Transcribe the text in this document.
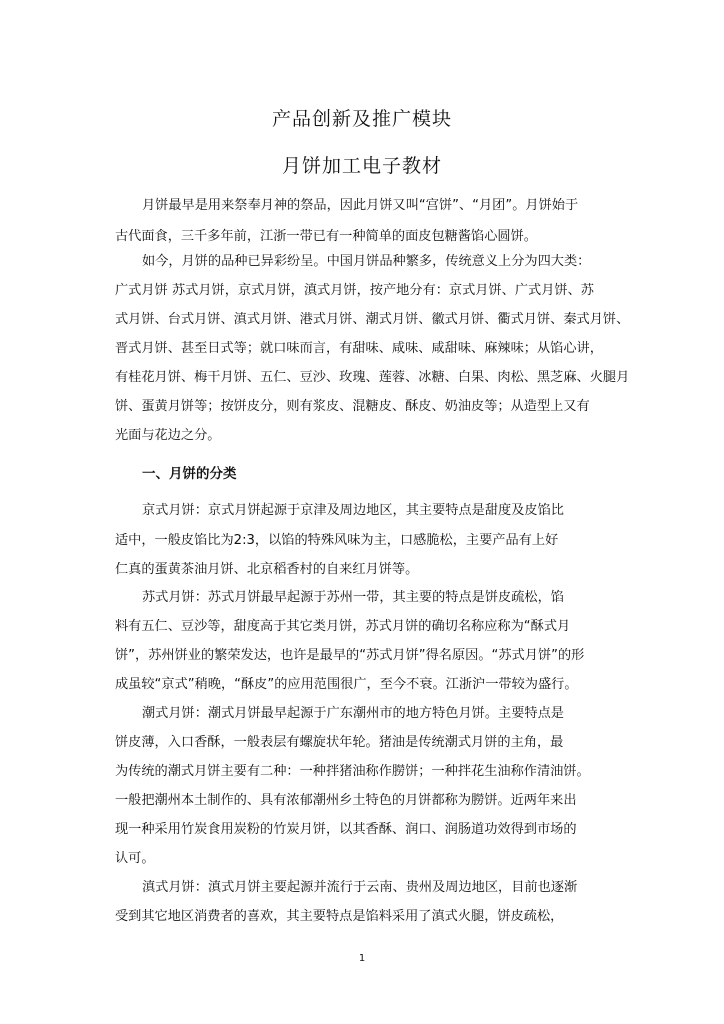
产品创新及推广模块
月饼加工电子教材
月饼最早是用来祭奉月神的祭品，因此月饼又叫“宫饼”、“月团”。月饼始于
古代面食，三千多年前，江浙一带已有一种简单的面皮包糖酱馅心圆饼。
如今，月饼的品种已异彩纷呈。中国月饼品种繁多，传统意义上分为四大类：
广式月饼 苏式月饼，京式月饼，滇式月饼，按产地分有：京式月饼、广式月饼、苏
式月饼、台式月饼、滇式月饼、港式月饼、潮式月饼、徽式月饼、衢式月饼、秦式月饼、
晋式月饼、甚至日式等；就口味而言，有甜味、咸味、咸甜味、麻辣味；从馅心讲，
有桂花月饼、梅干月饼、五仁、豆沙、玫瑰、莲蓉、冰糖、白果、肉松、黑芝麻、火腿月
饼、蛋黄月饼等；按饼皮分，则有浆皮、混糖皮、酥皮、奶油皮等；从造型上又有
光面与花边之分。
一、月饼的分类
京式月饼：京式月饼起源于京津及周边地区，其主要特点是甜度及皮馅比
适中，一般皮馅比为2:3，以馅的特殊风味为主，口感脆松，主要产品有上好
仁真的蛋黄茶油月饼、北京稻香村的自来红月饼等。
苏式月饼：苏式月饼最早起源于苏州一带，其主要的特点是饼皮疏松，馅
料有五仁、豆沙等，甜度高于其它类月饼，苏式月饼的确切名称应称为“酥式月
饼”，苏州饼业的繁荣发达，也许是最早的“苏式月饼”得名原因。“苏式月饼”的形
成虽较“京式”稍晚，“酥皮”的应用范围很广，至今不衰。江浙沪一带较为盛行。
潮式月饼：潮式月饼最早起源于广东潮州市的地方特色月饼。主要特点是
饼皮薄，入口香酥，一般表层有螺旋状年轮。猪油是传统潮式月饼的主角，最
为传统的潮式月饼主要有二种：一种拌猪油称作朥饼；一种拌花生油称作清油饼。
一般把潮州本土制作的、具有浓郁潮州乡土特色的月饼都称为朥饼。近两年来出
现一种采用竹炭食用炭粉的竹炭月饼，以其香酥、润口、润肠道功效得到市场的
认可。
滇式月饼：滇式月饼主要起源并流行于云南、贵州及周边地区，目前也逐渐
受到其它地区消费者的喜欢，其主要特点是馅料采用了滇式火腿，饼皮疏松，
1
